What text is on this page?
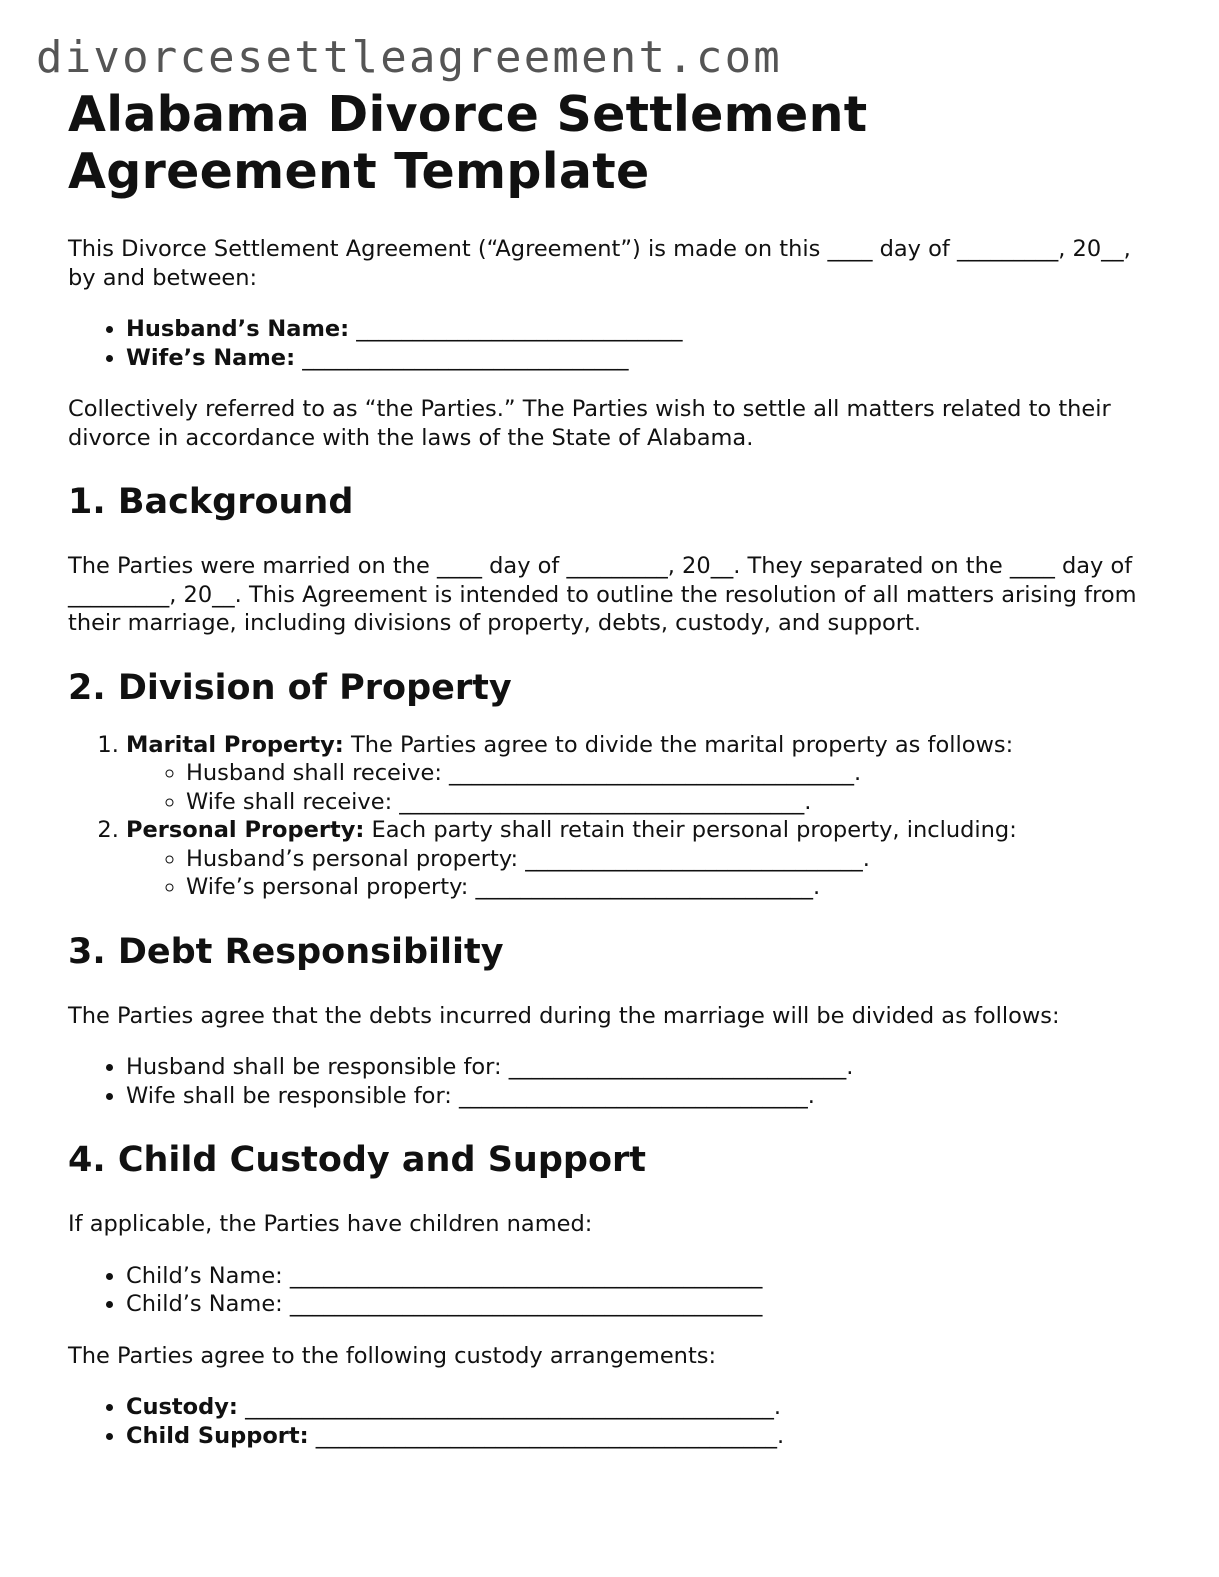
divorcesettleagreement.com
Alabama Divorce Settlement Agreement Template

This Divorce Settlement Agreement (“Agreement”) is made on this ____ day of _________, 20__, by and between:

• Husband’s Name: _____________________________
• Wife’s Name: _____________________________

Collectively referred to as “the Parties.” The Parties wish to settle all matters related to their divorce in accordance with the laws of the State of Alabama.

1. Background

The Parties were married on the ____ day of _________, 20__. They separated on the ____ day of _________, 20__. This Agreement is intended to outline the resolution of all matters arising from their marriage, including divisions of property, debts, custody, and support.

2. Division of Property
1. Marital Property: The Parties agree to divide the marital property as follows:
◦ Husband shall receive: ____________________________________.
◦ Wife shall receive: ____________________________________.
2. Personal Property: Each party shall retain their personal property, including:
◦ Husband’s personal property: ______________________________.
◦ Wife’s personal property: ______________________________.
3. Debt Responsibility

The Parties agree that the debts incurred during the marriage will be divided as follows:

• Husband shall be responsible for: ______________________________.
• Wife shall be responsible for: _______________________________.
4. Child Custody and Support

If applicable, the Parties have children named:

• Child’s Name: __________________________________________
• Child’s Name: __________________________________________

The Parties agree to the following custody arrangements:

• Custody: _______________________________________________.
• Child Support: _________________________________________.
